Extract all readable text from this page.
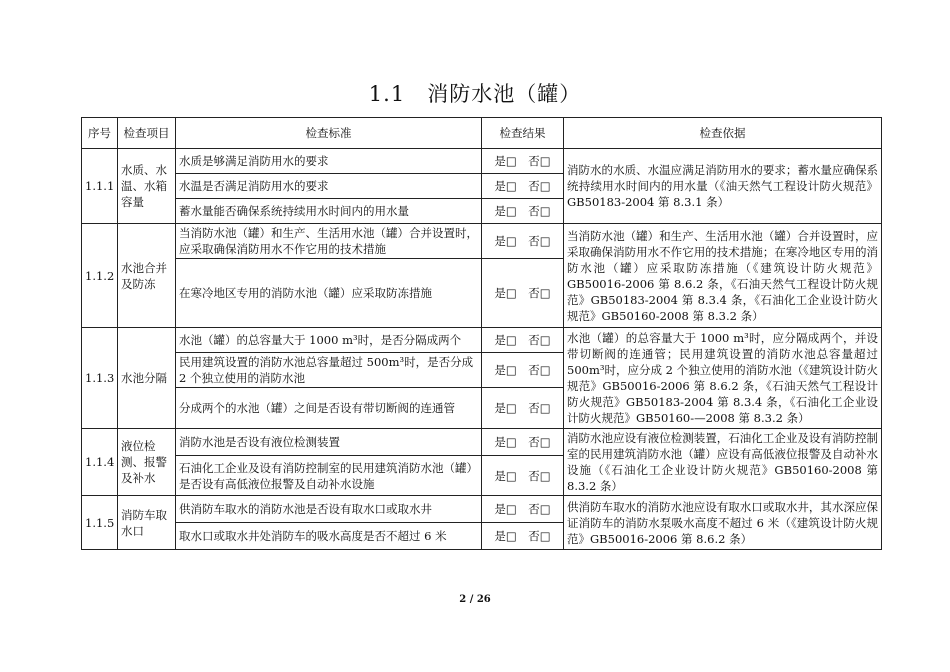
1.1　消防水池（罐）
序号	检查项目	检查标准	检查结果	检查依据
1.1.1	水质、水温、水箱容量	水质是够满足消防用水的要求	是□　否□	消防水的水质、水温应满足消防用水的要求；蓄水量应确保系统持续用水时间内的用水量（《油天然气工程设计防火规范》GB50183-2004 第 8.3.1 条）
		水温是否满足消防用水的要求	是□　否□	
		蓄水量能否确保系统持续用水时间内的用水量	是□　否□	
1.1.2	水池合并及防冻	当消防水池（罐）和生产、生活用水池（罐）合并设置时，应采取确保消防用水不作它用的技术措施	是□　否□	当消防水池（罐）和生产、生活用水池（罐）合并设置时，应采取确保消防用水不作它用的技术措施；在寒冷地区专用的消防水池（罐）应采取防冻措施（《建筑设计防火规范》GB50016-2006 第 8.6.2 条，《石油天然气工程设计防火规范》GB50183-2004 第 8.3.4 条，《石油化工企业设计防火规范》GB50160-2008 第 8.3.2 条）
		在寒冷地区专用的消防水池（罐）应采取防冻措施	是□　否□	
1.1.3	水池分隔	水池（罐）的总容量大于 1000 m³时，是否分隔成两个	是□　否□	水池（罐）的总容量大于 1000 m³时，应分隔成两个，并设带切断阀的连通管；民用建筑设置的消防水池总容量超过 500m³时，应分成 2 个独立使用的消防水池（《建筑设计防火规范》GB50016-2006 第 8.6.2 条，《石油天然气工程设计防火规范》GB50183-2004 第 8.3.4 条，《石油化工企业设计防火规范》GB50160-—2008 第 8.3.2 条）
		民用建筑设置的消防水池总容量超过 500m³时，是否分成 2 个独立使用的消防水池	是□　否□	
		分成两个的水池（罐）之间是否设有带切断阀的连通管	是□　否□	
1.1.4	液位检测、报警及补水	消防水池是否设有液位检测装置	是□　否□	消防水池应设有液位检测装置，石油化工企业及设有消防控制室的民用建筑消防水池（罐）应设有高低液位报警及自动补水设施（《石油化工企业设计防火规范》GB50160-2008 第 8.3.2 条）
		石油化工企业及设有消防控制室的民用建筑消防水池（罐）是否设有高低液位报警及自动补水设施	是□　否□	
1.1.5	消防车取水口	供消防车取水的消防水池是否设有取水口或取水井	是□　否□	供消防车取水的消防水池应设有取水口或取水井，其水深应保证消防车的消防水泵吸水高度不超过 6 米（《建筑设计防火规范》GB50016-2006 第 8.6.2 条）
		取水口或取水井处消防车的吸水高度是否不超过 6 米	是□　否□	
2 / 26
